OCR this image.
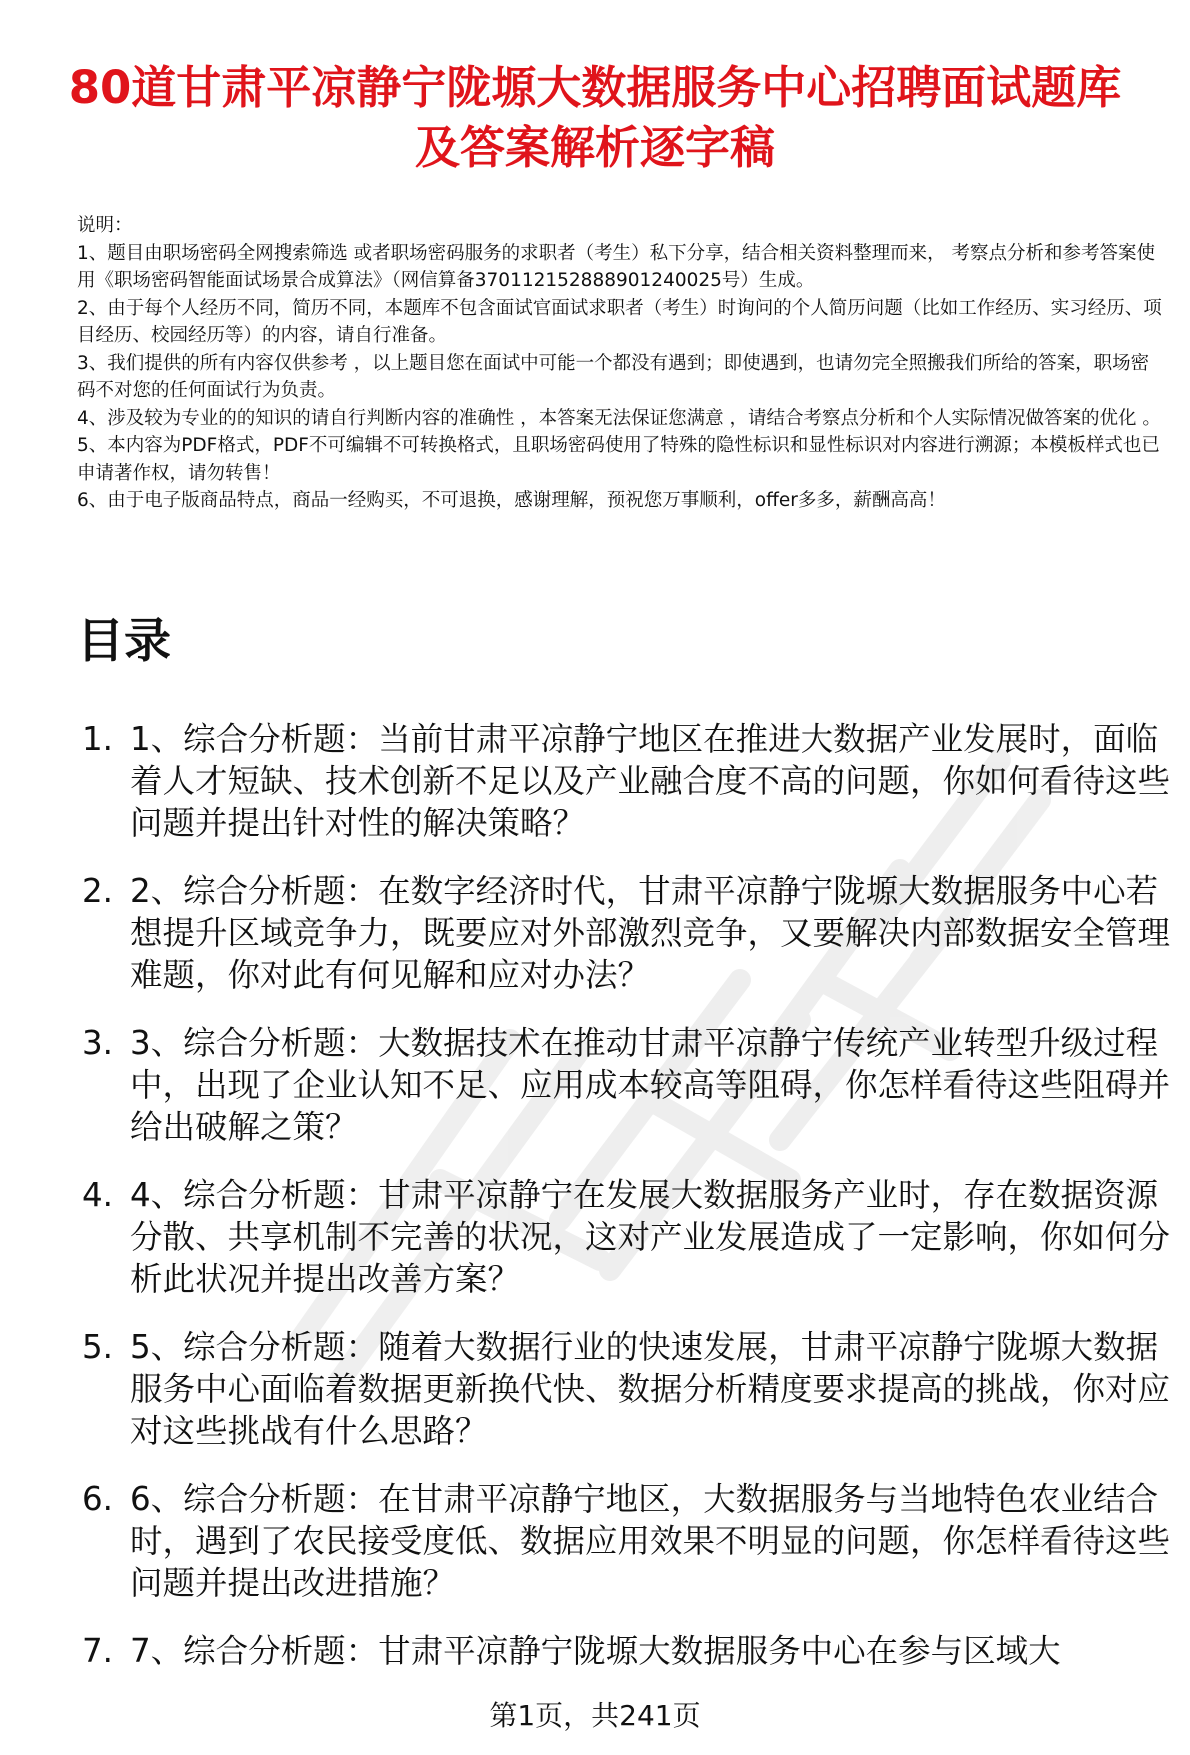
80道甘肃平凉静宁陇塬大数据服务中心招聘面试题库及答案解析逐字稿
说明：
1、题目由职场密码全网搜索筛选 或者职场密码服务的求职者（考生）私下分享，结合相关资料整理而来， 考察点分析和参考答案使用《职场密码智能面试场景合成算法》（网信算备370112152888901240025号）生成。
2、由于每个人经历不同，简历不同，本题库不包含面试官面试求职者（考生）时询问的个人简历问题（比如工作经历、实习经历、项目经历、校园经历等）的内容，请自行准备。
3、我们提供的所有内容仅供参考 ，以上题目您在面试中可能一个都没有遇到；即使遇到，也请勿完全照搬我们所给的答案，职场密码不对您的任何面试行为负责。
4、涉及较为专业的的知识的请自行判断内容的准确性 ，本答案无法保证您满意 ，请结合考察点分析和个人实际情况做答案的优化 。
5、本内容为PDF格式，PDF不可编辑不可转换格式，且职场密码使用了特殊的隐性标识和显性标识对内容进行溯源；本模板样式也已申请著作权，请勿转售！
6、由于电子版商品特点，商品一经购买，不可退换，感谢理解，预祝您万事顺利，offer多多，薪酬高高！
目录
1. 1、综合分析题：当前甘肃平凉静宁地区在推进大数据产业发展时，面临着人才短缺、技术创新不足以及产业融合度不高的问题，你如何看待这些问题并提出针对性的解决策略？
2. 2、综合分析题：在数字经济时代，甘肃平凉静宁陇塬大数据服务中心若想提升区域竞争力，既要应对外部激烈竞争，又要解决内部数据安全管理难题，你对此有何见解和应对办法？
3. 3、综合分析题：大数据技术在推动甘肃平凉静宁传统产业转型升级过程中，出现了企业认知不足、应用成本较高等阻碍，你怎样看待这些阻碍并给出破解之策？
4. 4、综合分析题：甘肃平凉静宁在发展大数据服务产业时，存在数据资源分散、共享机制不完善的状况，这对产业发展造成了一定影响，你如何分析此状况并提出改善方案？
5. 5、综合分析题：随着大数据行业的快速发展，甘肃平凉静宁陇塬大数据服务中心面临着数据更新换代快、数据分析精度要求提高的挑战，你对应对这些挑战有什么思路？
6. 6、综合分析题：在甘肃平凉静宁地区，大数据服务与当地特色农业结合时，遇到了农民接受度低、数据应用效果不明显的问题，你怎样看待这些问题并提出改进措施？
7. 7、综合分析题：甘肃平凉静宁陇塬大数据服务中心在参与区域大
第1页，共241页
